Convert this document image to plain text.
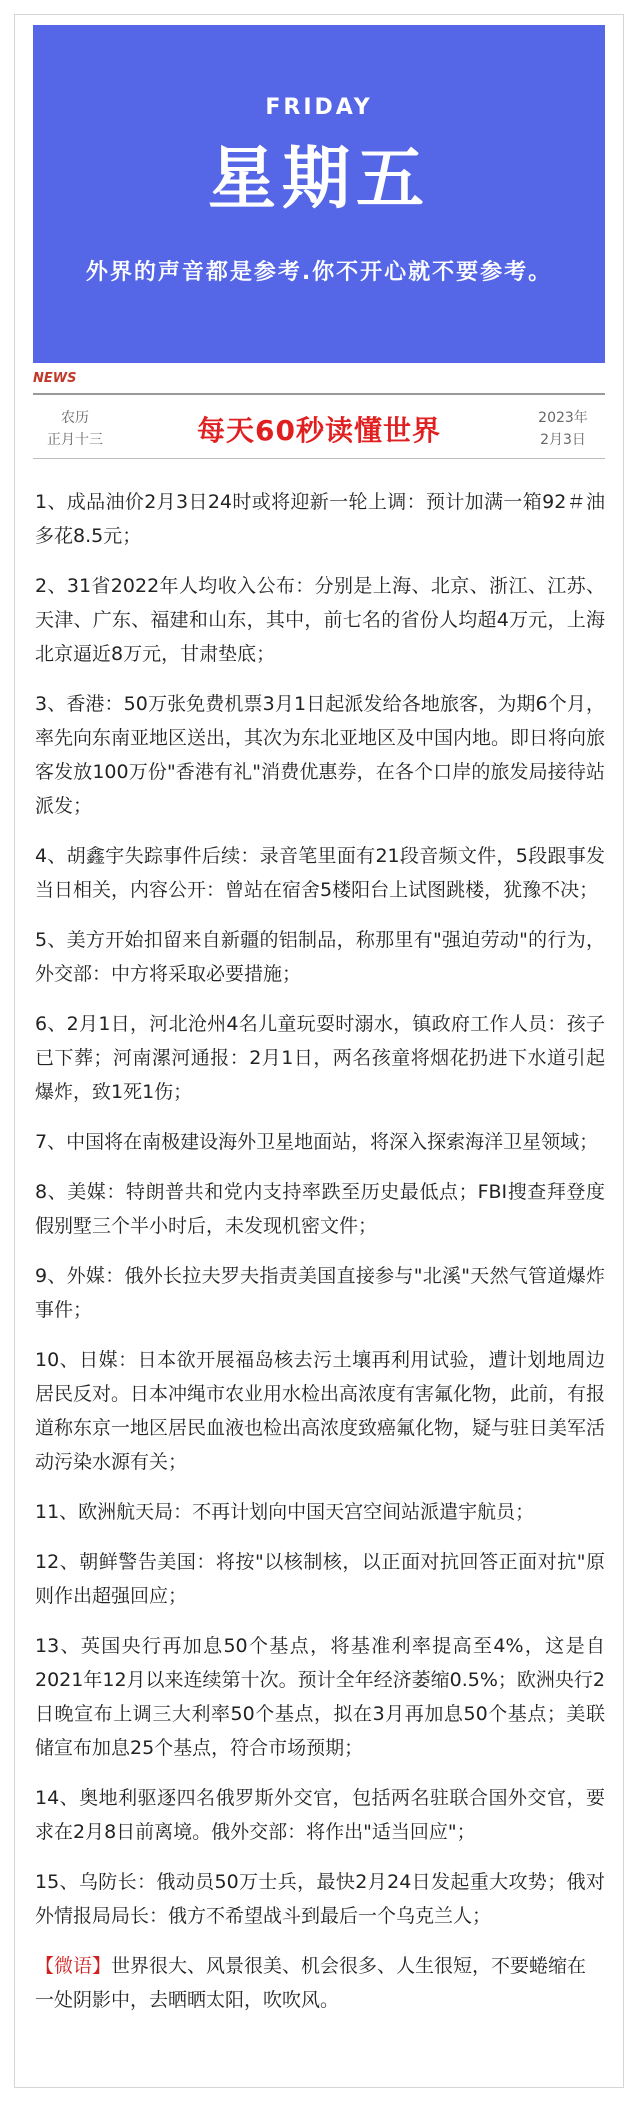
FRIDAY
星期五
外界的声音都是参考.你不开心就不要参考。
NEWS
农历
正月十三	每天60秒读懂世界	2023年
2月3日
1、成品油价2月3日24时或将迎新一轮上调：预计加满一箱92＃油多花8.5元；
2、31省2022年人均收入公布：分别是上海、北京、浙江、江苏、天津、广东、福建和山东，其中，前七名的省份人均超4万元，上海北京逼近8万元，甘肃垫底；
3、香港：50万张免费机票3月1日起派发给各地旅客，为期6个月，率先向东南亚地区送出，其次为东北亚地区及中国内地。即日将向旅客发放100万份"香港有礼"消费优惠券，在各个口岸的旅发局接待站派发；
4、胡鑫宇失踪事件后续：录音笔里面有21段音频文件，5段跟事发当日相关，内容公开：曾站在宿舍5楼阳台上试图跳楼，犹豫不决；
5、美方开始扣留来自新疆的铝制品，称那里有"强迫劳动"的行为，外交部：中方将采取必要措施；
6、2月1日，河北沧州4名儿童玩耍时溺水，镇政府工作人员：孩子已下葬；河南漯河通报：2月1日，两名孩童将烟花扔进下水道引起爆炸，致1死1伤；
7、中国将在南极建设海外卫星地面站，将深入探索海洋卫星领域；
8、美媒：特朗普共和党内支持率跌至历史最低点；FBI搜查拜登度假别墅三个半小时后，未发现机密文件；
9、外媒：俄外长拉夫罗夫指责美国直接参与"北溪"天然气管道爆炸事件；
10、日媒：日本欲开展福岛核去污土壤再利用试验，遭计划地周边居民反对。日本冲绳市农业用水检出高浓度有害氟化物，此前，有报道称东京一地区居民血液也检出高浓度致癌氟化物，疑与驻日美军活动污染水源有关；
11、欧洲航天局：不再计划向中国天宫空间站派遣宇航员；
12、朝鲜警告美国：将按"以核制核，以正面对抗回答正面对抗"原则作出超强回应；
13、英国央行再加息50个基点，将基准利率提高至4%，这是自2021年12月以来连续第十次。预计全年经济萎缩0.5%；欧洲央行2日晚宣布上调三大利率50个基点，拟在3月再加息50个基点；美联储宣布加息25个基点，符合市场预期；
14、奥地利驱逐四名俄罗斯外交官，包括两名驻联合国外交官，要求在2月8日前离境。俄外交部：将作出"适当回应"；
15、乌防长：俄动员50万士兵，最快2月24日发起重大攻势；俄对外情报局局长：俄方不希望战斗到最后一个乌克兰人；
【微语】世界很大、风景很美、机会很多、人生很短，不要蜷缩在一处阴影中，去晒晒太阳，吹吹风。
